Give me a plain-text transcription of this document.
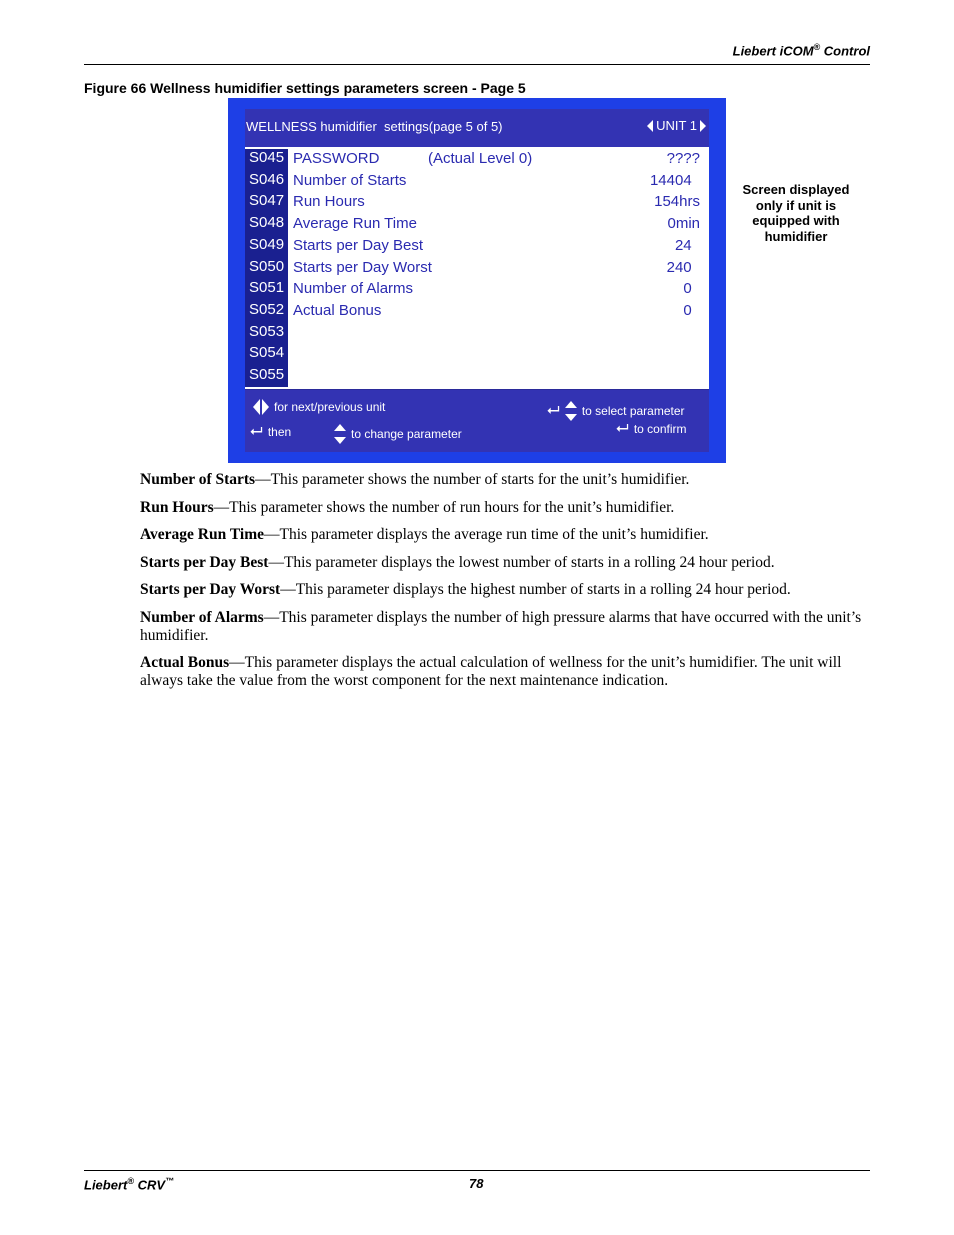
Liebert iCOM® Control
Figure 66 Wellness humidifier settings parameters screen - Page 5
WELLNESS humidifier  settings(page 5 of 5)	UNIT 1
S045 PASSWORD	(Actual Level 0)	????
S046 Number of Starts	14404
S047 Run Hours	154hrs
S048 Average Run Time	0min
S049 Starts per Day Best	24
S050 Starts per Day Worst	240
S051 Number of Alarms	0
S052 Actual Bonus	0
S053
S054
S055
for next/previous unit
⮠ then	to change parameter
⮠ to select parameter
⮠ to confirm
Screen displayed only if unit is equipped with humidifier

Number of Starts—This parameter shows the number of starts for the unit’s humidifier.

Run Hours—This parameter shows the number of run hours for the unit’s humidifier.

Average Run Time—This parameter displays the average run time of the unit’s humidifier.

Starts per Day Best—This parameter displays the lowest number of starts in a rolling 24 hour period.

Starts per Day Worst—This parameter displays the highest number of starts in a rolling 24 hour period.

Number of Alarms—This parameter displays the number of high pressure alarms that have occurred with the unit’s humidifier.

Actual Bonus—This parameter displays the actual calculation of wellness for the unit’s humidifier. The unit will always take the value from the worst component for the next maintenance indication.

Liebert® CRV™	78
